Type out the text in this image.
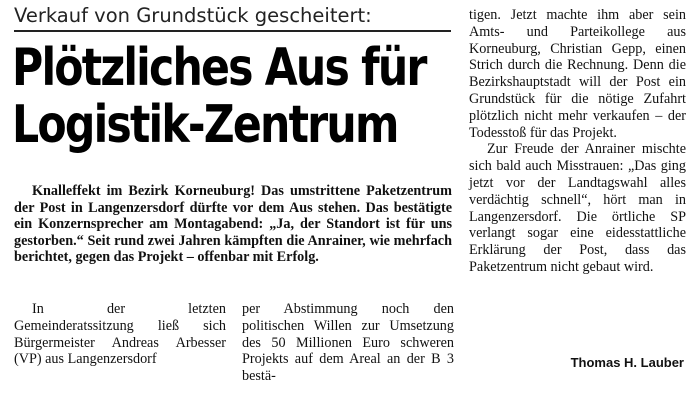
Verkauf von Grundstück gescheitert:
Plötzliches Aus für
Logistik-Zentrum

Knalleffekt im Bezirk Korneuburg! Das umstrittene Paketzentrum der Post in Langenzersdorf dürfte vor dem Aus stehen. Das bestätigte ein Konzernsprecher am Montagabend: „Ja, der Standort ist für uns gestorben.“ Seit rund zwei Jahren kämpften die Anrainer, wie mehrfach berichtet, gegen das Projekt – offenbar mit Erfolg.

In der letzten Gemeinderatssitzung ließ sich Bürgermeister Andreas Arbesser (VP) aus Langenzersdorf

per Abstimmung noch den politischen Willen zur Umsetzung des 50 Millionen Euro schweren Projekts auf dem Areal an der B 3 bestä-

tigen. Jetzt machte ihm aber sein Amts- und Parteikollege aus Korneuburg, Christian Gepp, einen Strich durch die Rechnung. Denn die Bezirkshauptstadt will der Post ein Grundstück für die nötige Zufahrt plötzlich nicht mehr verkaufen – der Todesstoß für das Projekt.

Zur Freude der Anrainer mischte sich bald auch Misstrauen: „Das ging jetzt vor der Landtagswahl alles verdächtig schnell“, hört man in Langenzersdorf. Die örtliche SP verlangt sogar eine eidesstattliche Erklärung der Post, dass das Paketzentrum nicht gebaut wird.

Thomas H. Lauber
